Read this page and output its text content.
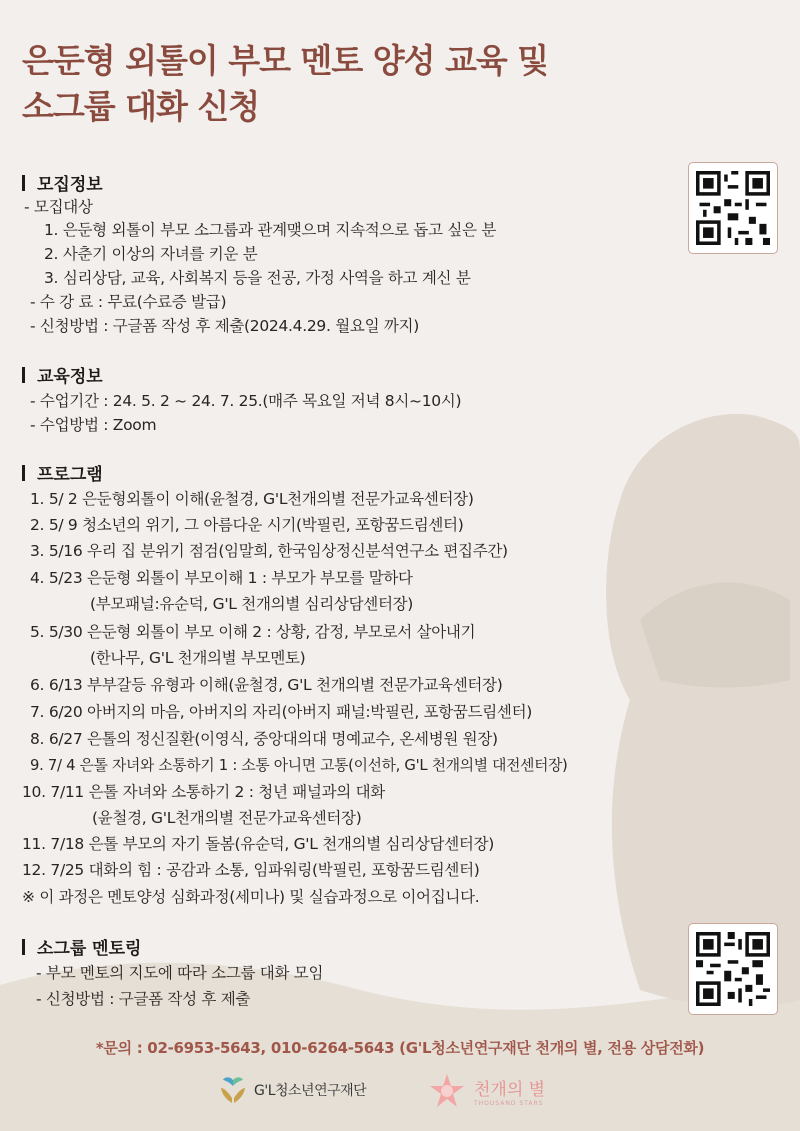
은둔형 외톨이 부모 멘토 양성 교육 및
소그룹 대화 신청
모집정보
- 모집대상
1. 은둔형 외톨이 부모 소그룹과 관계맺으며 지속적으로 돕고 싶은 분
2. 사춘기 이상의 자녀를 키운 분
3. 심리상담, 교육, 사회복지 등을 전공, 가정 사역을 하고 계신 분
- 수 강 료 : 무료(수료증 발급)
- 신청방법 : 구글폼 작성 후 제출(2024.4.29. 월요일 까지)
교육정보
- 수업기간 : 24. 5. 2 ~ 24. 7. 25.(매주 목요일 저녁 8시~10시)
- 수업방법 : Zoom
프로그램
1. 5/ 2 은둔형외톨이 이해(윤철경, G'L천개의별 전문가교육센터장)
2. 5/ 9 청소년의 위기, 그 아름다운 시기(박필린, 포항꿈드림센터)
3. 5/16 우리 집 분위기 점검(임말희, 한국임상정신분석연구소 편집주간)
4. 5/23 은둔형 외톨이 부모이해 1 : 부모가 부모를 말하다
(부모패널:유순덕, G'L 천개의별 심리상담센터장)
5. 5/30 은둔형 외톨이 부모 이해 2 : 상황, 감정, 부모로서 살아내기
(한나무, G'L 천개의별 부모멘토)
6. 6/13 부부갈등 유형과 이해(윤철경, G'L 천개의별 전문가교육센터장)
7. 6/20 아버지의 마음, 아버지의 자리(아버지 패널:박필린, 포항꿈드림센터)
8. 6/27 은톨의 정신질환(이영식, 중앙대의대 명예교수, 온세병원 원장)
9. 7/ 4 은톨 자녀와 소통하기 1 : 소통 아니면 고통(이선하, G'L 천개의별 대전센터장)
10. 7/11 은톨 자녀와 소통하기 2 : 청년 패널과의 대화
(윤철경, G'L천개의별 전문가교육센터장)
11. 7/18 은톨 부모의 자기 돌봄(유순덕, G'L 천개의별 심리상담센터장)
12. 7/25 대화의 힘 : 공감과 소통, 임파워링(박필린, 포항꿈드림센터)
※ 이 과정은 멘토양성 심화과정(세미나) 및 실습과정으로 이어집니다.
소그룹 멘토링
- 부모 멘토의 지도에 따라 소그룹 대화 모임
- 신청방법 : 구글폼 작성 후 제출
*문의 : 02-6953-5643, 010-6264-5643 (G'L청소년연구재단 천개의 별, 전용 상담전화)
G'L청소년연구재단	천개의 별
THOUSAND STARS
